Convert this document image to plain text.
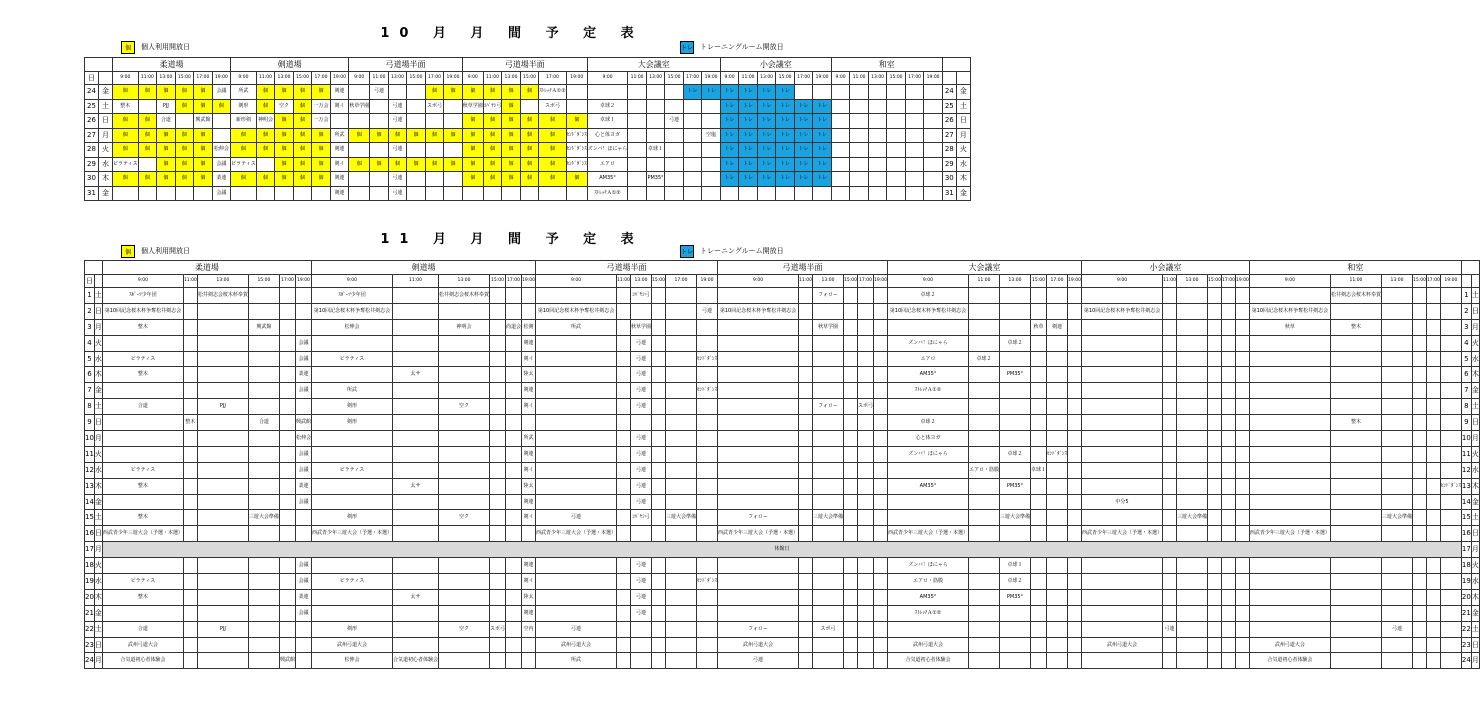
10 月 月 間 予 定 表
個	個人利用開放日	トレ トレーニングルーム開放日
		柔道場						剣道場						弓道場半面						弓道場半面						大会議室						小会議室						和室							
日		9:00	11:00	13:00	15:00	17:00	19:00	9:00	11:00	13:00	15:00	17:00	19:00	9:00	11:00	13:00	15:00	17:00	19:00	9:00	11:00	13:00	15:00	17:00	19:00	9:00	11:00	13:00	15:00	17:00	19:00	9:00	11:00	13:00	15:00	17:00	19:00	9:00	11:00	13:00	15:00	17:00	19:00		
24	金	個	個	個	個	個	会議	所武	個	個	個	個	剣連		弓連			個	個	個	個	個	個	ｽﾄﾚｯﾁＡ①②						トレ	トレ	トレ	トレ	トレ	トレ									24	金
25	土	整木		PJJ	個	個	個	剣形	個	空ク	個	一万会	剣イ	秋草学園		弓連		スポ弓		秋草学園	ｺﾊﾞﾔｼ弓	個		スポ弓		卓球２						トレ	トレ	トレ	トレ	トレ	トレ							25	土
26	日	個	個	合道		興武館		新形剣	神明会	個	個	一万会				弓連				個	個	個	個	個	個	卓球１			弓連			トレ	トレ	トレ	トレ	トレ	トレ							26	日
27	月	個	個	個	個	個		個	個	個	個	個	所武	個	個	個	個	個	個	個	個	個	個	個	ｾﾝﾄﾞﾀﾞﾝｽ	心と体ヨガ					空塩	トレ	トレ	トレ	トレ	トレ	トレ							27	月
28	火	個	個	個	個	個	松伸会	個	個	個	個	個	剣連			弓連				個	個	個	個	個	ｾﾝﾄﾞﾀﾞﾝｽ	ズンバ！ほにゃら		卓球１				トレ	トレ	トレ	トレ	トレ	トレ							28	火
29	水	ピラティス		個	個	個	会議	ピラティス		個	個	個	剣イ	個	個	個	個	個	個	個	個	個	個	個	ｾﾝﾄﾞﾀﾞﾝｽ	エアロ						トレ	トレ	トレ	トレ	トレ	トレ							29	水
30	木	個	個	個	個	個	柔連	個	個	個	個	個	剣連			弓連				個	個	個	個	個	個	AM35°		PM35°				トレ	トレ	トレ	トレ	トレ	トレ							30	木
31	金						会議						剣連			弓連										ｽﾄﾚｯﾁＡ①②																		31	金
11 月 月 間 予 定 表
個	個人利用開放日	トレ トレーニングルーム開放日
		柔道場						剣道場						弓道場半面						弓道場半面						大会議室						小会議室						和室							
日		9:00	11:00	13:00	15:00	17:00	19:00	9:00	11:00	13:00	15:00	17:00	19:00	9:00	11:00	13:00	15:00	17:00	19:00	9:00	11:00	13:00	15:00	17:00	19:00	9:00	11:00	13:00	15:00	17:00	19:00	9:00	11:00	13:00	15:00	17:00	19:00	9:00	11:00	13:00	15:00	17:00	19:00		
1	土	ｽﾎﾟｰﾂ少年団		松井剣志会桜木杯奉賀				ｽﾎﾟｰﾂ少年団		松井剣志会桜木杯奉賀						ｺﾊﾞﾔｼ弓						フォロー				卓球２													松井剣志会桜木杯奉賀					1	土
2	日	第10回記念桜木杯争奪松井剣志会						第10回記念桜木杯争奪松井剣志会						第10回記念桜木杯争奪松井剣志会					弓連	第10回記念桜木杯争奪松井剣志会						第10回記念桜木杯争奪松井剣志会						第10回記念桜木杯争奪松井剣志会						第10回記念桜木杯争奪松井剣志会						2	日
3	月	整木			興武館			松伸会		神明会		尚道会	松剣	所武		秋草学園						秋草学園							秋草	剣連								秋草	整木					3	月
4	火						会議						剣連			弓連										ズンバ！ほにゃら		卓球２																4	火
5	水	ピラティス					会議	ピラティス					剣イ			弓連			ｾﾝﾄﾞﾀﾞﾝｽ							エアロ	卓球２																	5	水
6	木	整木					柔連		太サ				陸太			弓連										AM35°		PM35°																6	木
7	金						会議	所武					剣連			弓連			ｾﾝﾄﾞﾀﾞﾝｽ							ｽﾄﾚｯﾁＡ①②																		7	金
8	土	合道		PJJ				剣形		空ク			剣イ			弓連						フォロー		スポ弓																				8	土
9	日		整木		合道		興武館	剣形																		卓球２													整木					9	日
10	月						松伸会						所武			弓連										心と体ヨガ																		10	月
11	火						会議						剣連			弓連										ズンバ！ほにゃら		卓球２		ｾﾝﾄﾞﾀﾞﾝｽ														11	火
12	水	ピラティス					会議	ピラティス					剣イ			弓連											エアロ・筋膜		卓球１															12	水
13	木	整木					柔連		太サ				陸太			弓連										AM35°		PM35°															ｾﾝﾄﾞﾀﾞﾝｽ	13	木
14	金						会議						剣連			弓連																中分5												14	金
15	土	整木			三遊大会準備			剣形		空ク			剣イ	弓連		ｺﾊﾞﾔｼ弓		三遊大会準備		フォロー		三遊大会準備						三遊大会準備						三遊大会準備						三遊大会準備				15	土
16	日	西武青少年三遊大会（予選・本選）						西武青少年三遊大会（予選・本選）						西武青少年三遊大会（予選・本選）						西武青少年三遊大会（予選・本選）						西武青少年三遊大会（予選・本選）						西武青少年三遊大会（予選・本選）						西武青少年三遊大会（予選・本選）						16	日
17	月	休館日																																										17	月
18	火						会議						剣連			弓連										ズンバ！ほにゃら		卓球１																18	火
19	水	ピラティス					会議	ピラティス					剣イ			弓連			ｾﾝﾄﾞﾀﾞﾝｽ							エアロ・筋膜		卓球２																19	水
20	木	整木					柔連		太サ				陸太			弓連										AM35°		PM35°																20	木
21	金						会議						剣連			弓連										ｽﾄﾚｯﾁＡ①②																		21	金
22	土	合道		PJJ				剣形		空ク	スポ弓		空内	弓連						フォロー		スポ弓											弓連							弓連				22	土
23	日	武州弓道大会						武州弓道大会						武州弓道大会						武州弓道大会						武州弓道大会						武州弓道大会						武州弓道大会						23	日
24	月	合気道初心者体験会				興武館		松伸会	合気道初心者体験会					所武						弓連						合気道初心者体験会												合気道初心者体験会						24	月
